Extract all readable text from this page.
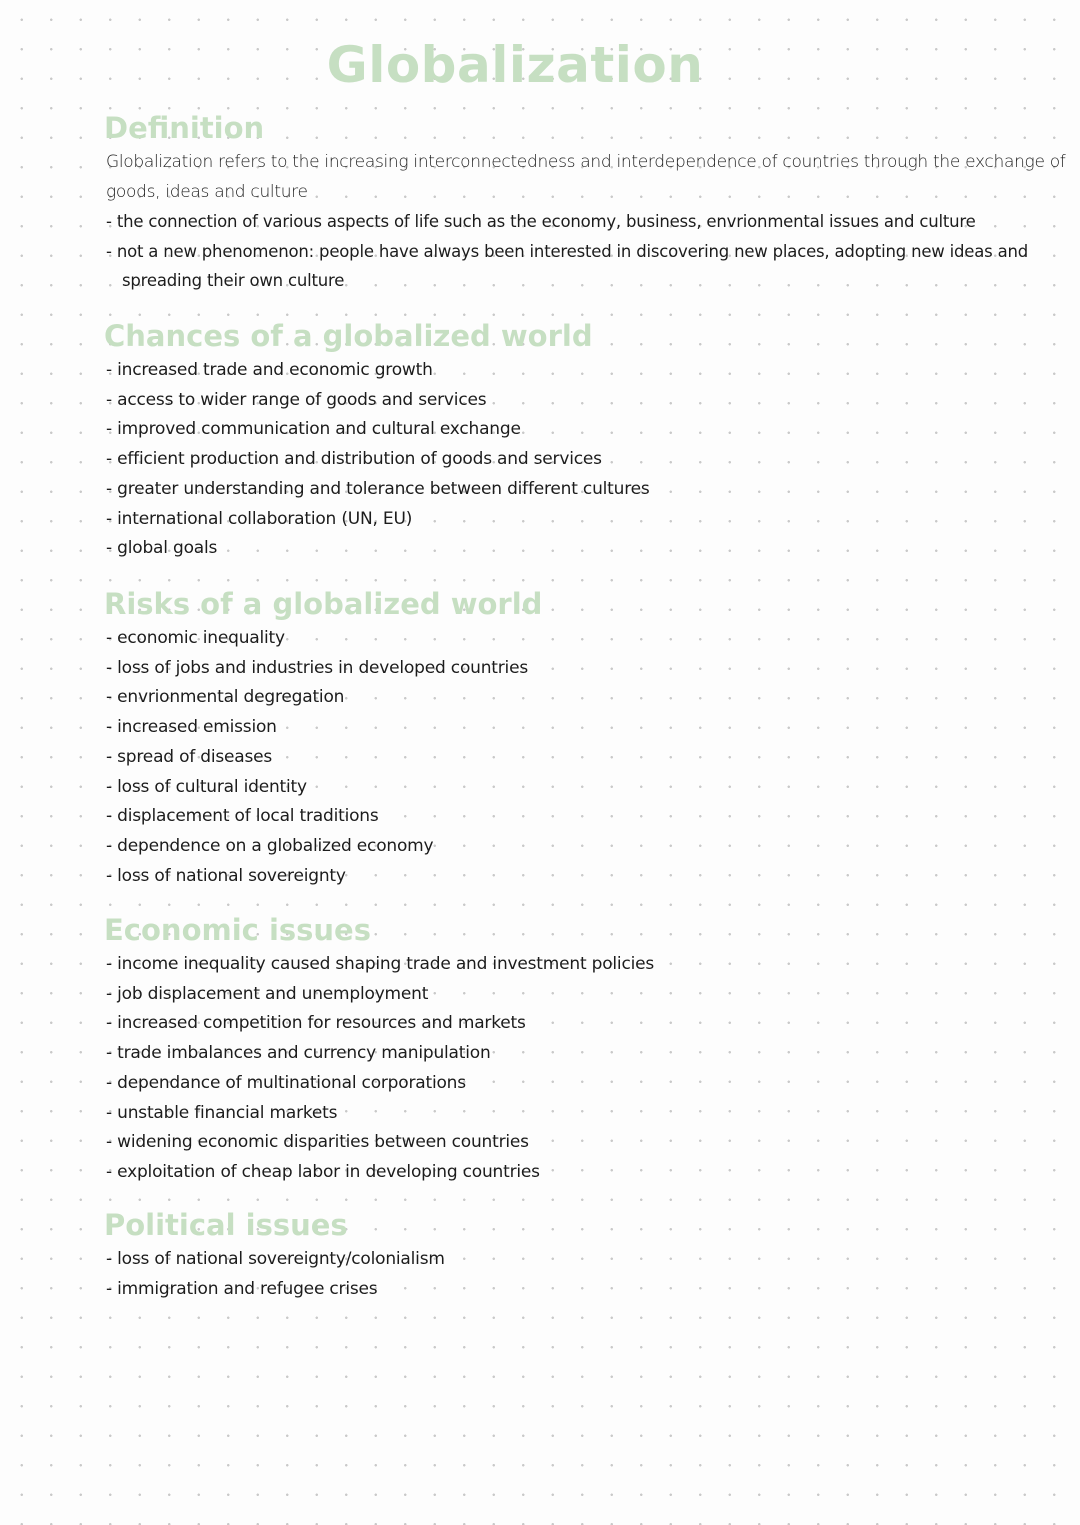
Globalization
Definition

Globalization refers to the increasing interconnectedness and interdependence of countries through the exchange of goods, ideas and culture

- the connection of various aspects of life such as the economy, business, envrionmental issues and culture
- not a new phenomenon: people have always been interested in discovering new places, adopting new ideas and spreading their own culture
Chances of a globalized world
- increased trade and economic growth
- access to wider range of goods and services
- improved communication and cultural exchange
- efficient production and distribution of goods and services
- greater understanding and tolerance between different cultures
- international collaboration (UN, EU)
- global goals
Risks of a globalized world
- economic inequality
- loss of jobs and industries in developed countries
- envrionmental degregation
- increased emission
- spread of diseases
- loss of cultural identity
- displacement of local traditions
- dependence on a globalized economy
- loss of national sovereignty
Economic issues
- income inequality caused shaping trade and investment policies
- job displacement and unemployment
- increased competition for resources and markets
- trade imbalances and currency manipulation
- dependance of multinational corporations
- unstable financial markets
- widening economic disparities between countries
- exploitation of cheap labor in developing countries
Political issues
- loss of national sovereignty/colonialism
- immigration and refugee crises
